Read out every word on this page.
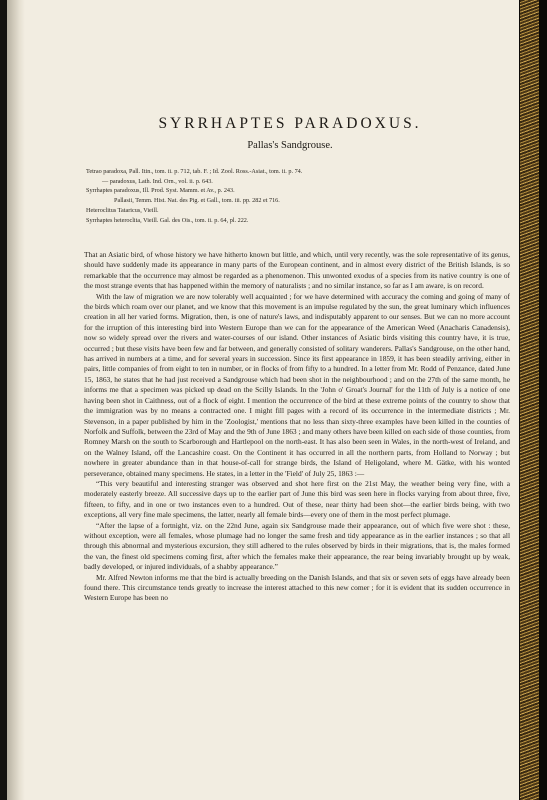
SYRRHAPTES PARADOXUS.
Pallas's Sandgrouse.
Tetrao paradoxa, Pall. Itin., tom. ii. p. 712, tab. F. ; Id. Zool. Ross.-Asiat., tom. ii. p. 74.
— paradoxus, Lath. Ind. Orn., vol. ii. p. 643.
Syrrhaptes paradoxus, Ill. Prod. Syst. Mamm. et Av., p. 243.
Pallasii, Temm. Hist. Nat. des Pig. et Gall., tom. iii. pp. 282 et 716.
Heteroclitus Tataricus, Vieill.
Syrrhaptes heteroclita, Vieill. Gal. des Ois., tom. ii. p. 64, pl. 222.

That an Asiatic bird, of whose history we have hitherto known but little, and which, until very recently, was the sole representative of its genus, should have suddenly made its appearance in many parts of the European continent, and in almost every district of the British Islands, is so remarkable that the occurrence may almost be regarded as a phenomenon. This unwonted exodus of a species from its native country is one of the most strange events that has happened within the memory of naturalists ; and no similar instance, so far as I am aware, is on record.

With the law of migration we are now tolerably well acquainted ; for we have determined with accuracy the coming and going of many of the birds which roam over our planet, and we know that this movement is an impulse regulated by the sun, the great luminary which influences creation in all her varied forms. Migration, then, is one of nature's laws, and indisputably apparent to our senses. But we can no more account for the irruption of this interesting bird into Western Europe than we can for the appearance of the American Weed (Anacharis Canadensis), now so widely spread over the rivers and water-courses of our island. Other instances of Asiatic birds visiting this country have, it is true, occurred ; but these visits have been few and far between, and generally consisted of solitary wanderers. Pallas's Sandgrouse, on the other hand, has arrived in numbers at a time, and for several years in succession. Since its first appearance in 1859, it has been steadily arriving, either in pairs, little companies of from eight to ten in number, or in flocks of from fifty to a hundred. In a letter from Mr. Rodd of Penzance, dated June 15, 1863, he states that he had just received a Sandgrouse which had been shot in the neighbourhood ; and on the 27th of the same month, he informs me that a specimen was picked up dead on the Scilly Islands. In the 'John o' Groat's Journal' for the 11th of July is a notice of one having been shot in Caithness, out of a flock of eight. I mention the occurrence of the bird at these extreme points of the country to show that the immigration was by no means a contracted one. I might fill pages with a record of its occurrence in the intermediate districts ; Mr. Stevenson, in a paper published by him in the 'Zoologist,' mentions that no less than sixty-three examples have been killed in the counties of Norfolk and Suffolk, between the 23rd of May and the 9th of June 1863 ; and many others have been killed on each side of those counties, from Romney Marsh on the south to Scarborough and Hartlepool on the north-east. It has also been seen in Wales, in the north-west of Ireland, and on the Walney Island, off the Lancashire coast. On the Continent it has occurred in all the northern parts, from Holland to Norway ; but nowhere in greater abundance than in that house-of-call for strange birds, the Island of Heligoland, where M. Gätke, with his wonted perseverance, obtained many specimens. He states, in a letter in the 'Field' of July 25, 1863 :—

“This very beautiful and interesting stranger was observed and shot here first on the 21st May, the weather being very fine, with a moderately easterly breeze. All successive days up to the earlier part of June this bird was seen here in flocks varying from about three, five, fifteen, to fifty, and in one or two instances even to a hundred. Out of these, near thirty had been shot—the earlier birds being, with two exceptions, all very fine male specimens, the latter, nearly all female birds—every one of them in the most perfect plumage.

“After the lapse of a fortnight, viz. on the 22nd June, again six Sandgrouse made their appearance, out of which five were shot : these, without exception, were all females, whose plumage had no longer the same fresh and tidy appearance as in the earlier instances ; so that all through this abnormal and mysterious excursion, they still adhered to the rules observed by birds in their migrations, that is, the males formed the van, the finest old specimens coming first, after which the females make their appearance, the rear being invariably brought up by weak, badly developed, or injured individuals, of a shabby appearance.”

Mr. Alfred Newton informs me that the bird is actually breeding on the Danish Islands, and that six or seven sets of eggs have already been found there. This circumstance tends greatly to increase the interest attached to this new comer ; for it is evident that its sudden occurrence in Western Europe has been no
